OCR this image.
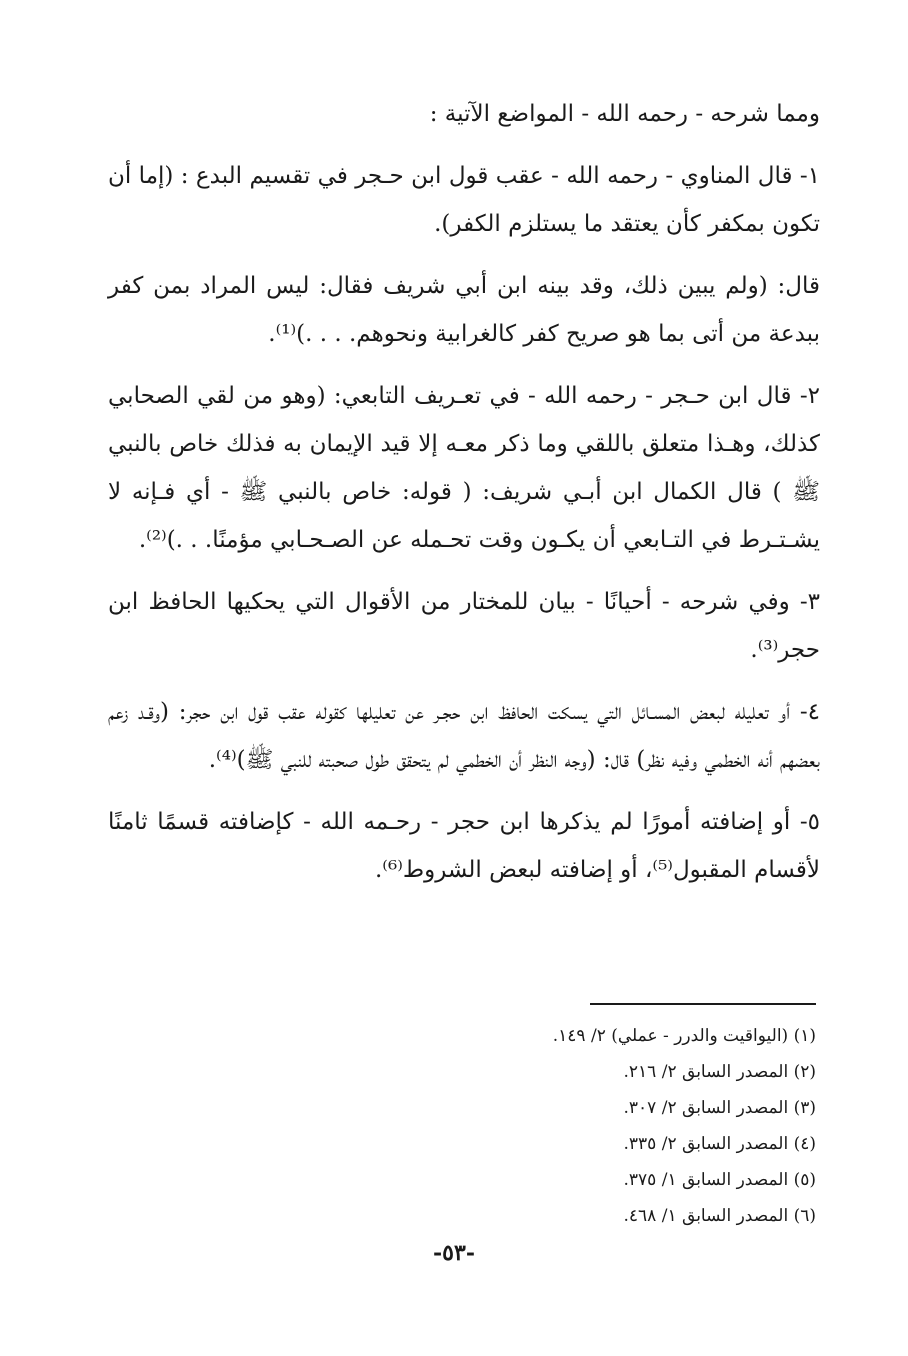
ومما شرحه - رحمه الله - المواضع الآتية :

١- قال المناوي - رحمه الله - عقب قول ابن حـجر في تقسيم البدع : (إما أن تكون بمكفر كأن يعتقد ما يستلزم الكفر).

قال: (ولم يبين ذلك، وقد بينه ابن أبي شريف فقال: ليس المراد بمن كفر ببدعة من أتى بما هو صريح كفر كالغرابية ونحوهم. . . .)⁽¹⁾.

٢- قال ابن حـجر - رحمه الله - في تعـريف التابعي: (وهو من لقي الصحابي كذلك، وهـذا متعلق باللقي وما ذكر معـه إلا قيد الإيمان به فذلك خاص بالنبي ﷺ ) قال الكمال ابن أبـي شريف: ( قوله: خاص بالنبي ﷺ - أي فـإنه لا يشـتـرط في التـابعي أن يكـون وقت تحـمله عن الصـحـابي مؤمنًا. . .)⁽²⁾.

٣- وفي شرحه - أحيانًا - بيان للمختار من الأقوال التي يحكيها الحافظ ابن حجر⁽³⁾.

٤- أو تعليله لبعض المسـائل التي يسكت الحافظ ابن حجـر عن تعليلها كقوله عقب قول ابن حجر: (وقـد زعم بعضهم أنه الخطمي وفيه نظر) قال: (وجه النظر أن الخطمي لم يتحقق طول صحبته للنبي ﷺ)⁽⁴⁾.

٥- أو إضافته أمورًا لم يذكرها ابن حجر - رحـمه الله - كإضافته قسمًا ثامنًا لأقسام المقبول⁽⁵⁾، أو إضافته لبعض الشروط⁽⁶⁾.

(١) (اليواقيت والدرر - عملي) ٢/ ١٤٩.
(٢) المصدر السابق ٢/ ٢١٦.
(٣) المصدر السابق ٢/ ٣٠٧.
(٤) المصدر السابق ٢/ ٣٣٥.
(٥) المصدر السابق ١/ ٣٧٥.
(٦) المصدر السابق ١/ ٤٦٨.
-٥٣-
